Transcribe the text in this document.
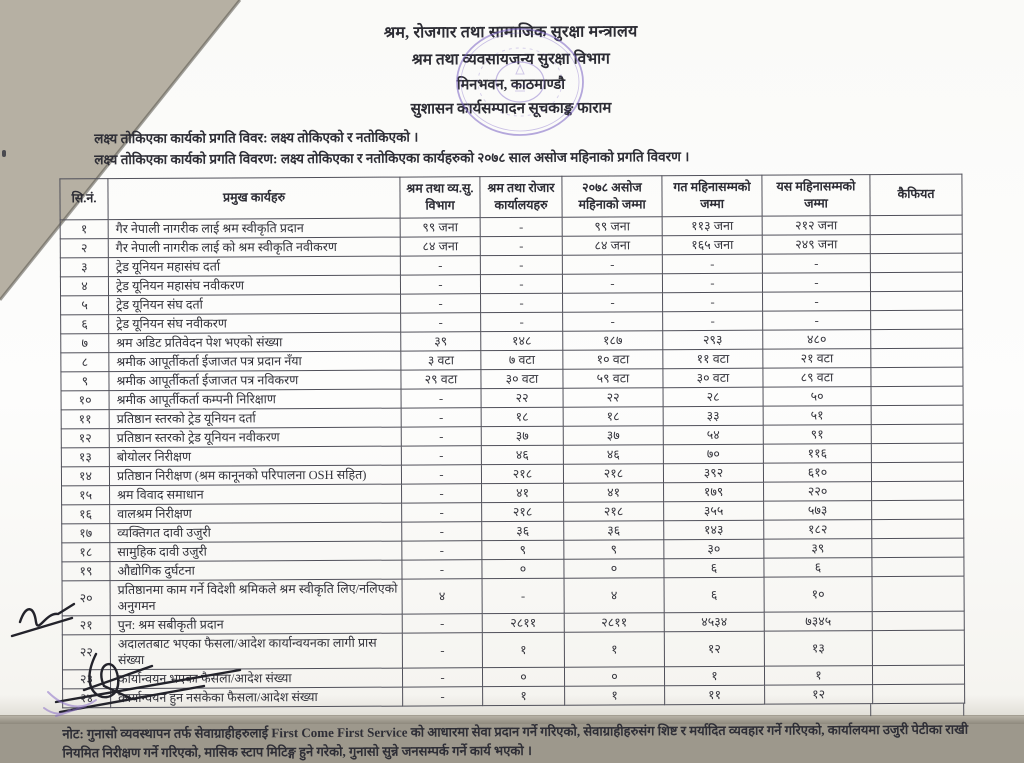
श्रम, रोजगार तथा सामाजिक सुरक्षा मन्त्रालय
श्रम तथा व्यवसायजन्य सुरक्षा विभाग
मिनभवन, काठमाण्डौ
सुशासन कार्यसम्पादन सूचकाङ्क फाराम
लक्ष्य तोकिएका कार्यको प्रगति विवर: लक्ष्य तोकिएको र नतोकिएको ।
लक्ष्य तोकिएका कार्यको प्रगति विवरण: लक्ष्य तोकिएका र नतोकिएका कार्यहरुको २०७८ साल असोज महिनाको प्रगति विवरण ।
सि.नं.	प्रमुख कार्यहरु	श्रम तथा व्य.सु. विभाग	श्रम तथा रोजार कार्यालयहरु	२०७८ असोज महिनाको जम्मा	गत महिनासम्मको जम्मा	यस महिनासम्मको जम्मा	कैफियत
१	गैर नेपाली नागरीक लाई श्रम स्वीकृति प्रदान	९९ जना	-	९९ जना	११३ जना	२१२ जना	
२	गैर नेपाली नागरीक लाई को श्रम स्वीकृति नवीकरण	८४ जना	-	८४ जना	१६५ जना	२४९ जना	
३	ट्रेड यूनियन महासंघ दर्ता	-	-	-	-	-	
४	ट्रेड यूनियन महासंघ नवीकरण	-	-	-	-	-	
५	ट्रेड यूनियन संघ दर्ता	-	-	-	-	-	
६	ट्रेड यूनियन संघ नवीकरण	-	-	-	-	-	
७	श्रम अडिट प्रतिवेदन पेश भएको संख्या	३९	१४८	१८७	२९३	४८०	
८	श्रमीक आपूर्तीकर्ता ईजाजत पत्र प्रदान नँया	३ वटा	७ वटा	१० वटा	११ वटा	२१ वटा	
९	श्रमीक आपूर्तीकर्ता ईजाजत पत्र नविकरण	२९ वटा	३० वटा	५९ वटा	३० वटा	८९ वटा	
१०	श्रमीक आपूर्तीकर्ता कम्पनी निरिक्षाण	-	२२	२२	२८	५०	
११	प्रतिष्ठान स्तरको ट्रेड यूनियन दर्ता	-	१८	१८	३३	५१	
१२	प्रतिष्ठान स्तरको ट्रेड यूनियन नवीकरण	-	३७	३७	५४	९१	
१३	बोयोलर निरीक्षण	-	४६	४६	७०	११६	
१४	प्रतिष्ठान निरीक्षण (श्रम कानूनको परिपालना OSH सहित)	-	२१८	२१८	३९२	६१०	
१५	श्रम विवाद समाधान	-	४१	४१	१७९	२२०	
१६	वालश्रम निरीक्षण	-	२१८	२१८	३५५	५७३	
१७	व्यक्तिगत दावी उजुरी	-	३६	३६	१४३	१८२	
१८	सामुहिक दावी उजुरी	-	९	९	३०	३९	
१९	औद्योगिक दुर्घटना	-	०	०	६	६	
२०	प्रतिष्ठानमा काम गर्ने विदेशी श्रमिकले श्रम स्वीकृति लिए/नलिएको अनुगमन	४	-	४	६	१०	
२१	पुन: श्रम सबीकृती प्रदान	-	२८११	२८११	४५३४	७३४५	
२२	अदालतबाट भएका फैसला/आदेश कार्यान्वयनका लागी प्रास संख्या	-	१	१	१२	१३	
२३	कार्यान्वयन भएका फैसला/आदेश संख्या	-	०	०	१	१	
२४	कार्यान्वयन हुन नसकेका फैसला/आदेश संख्या	-	१	१	११	१२	
नोट: गुनासो व्यवस्थापन तर्फ सेवाग्राहीहरुलाई First Come First Service को आधारमा सेवा प्रदान गर्ने गरिएको, सेवाग्राहीहरुसंग शिष्ट र मर्यादित व्यवहार गर्ने गरिएको, कार्यालयमा उजुरी पेटीका राखी नियमित निरीक्षण गर्ने गरिएको, मासिक स्टाप मिटिङ्ग हुने गरेको, गुनासो सुन्ने जनसम्पर्क गर्ने कार्य भएको ।
